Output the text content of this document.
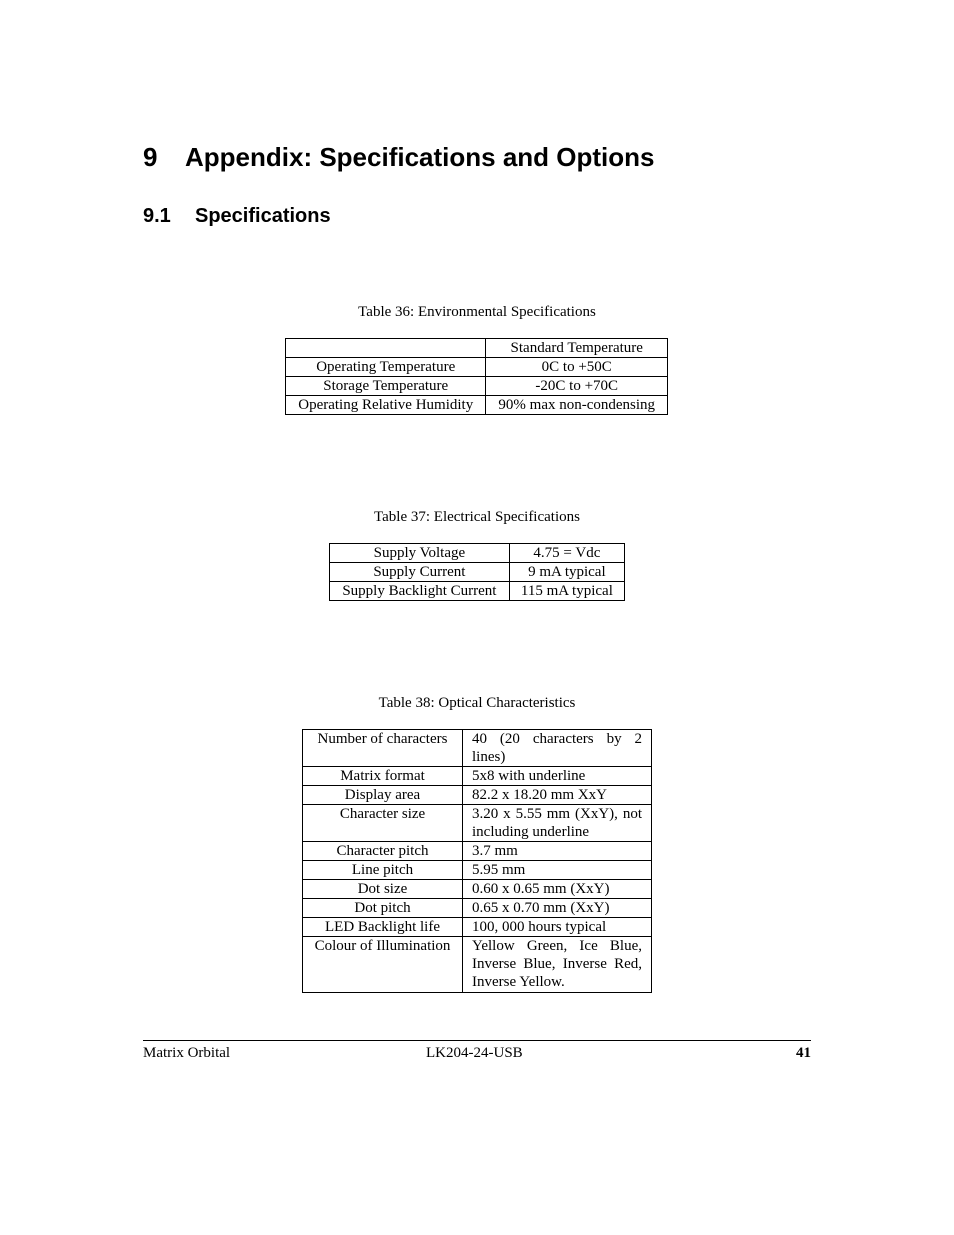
9 Appendix: Specifications and Options
9.1 Specifications

Table 36: Environmental Specifications

	Standard Temperature
Operating Temperature	0C to +50C
Storage Temperature	-20C to +70C
Operating Relative Humidity	90% max non-condensing

Table 37: Electrical Specifications

Supply Voltage	4.75 = Vdc
Supply Current	9 mA typical
Supply Backlight Current	115 mA typical

Table 38: Optical Characteristics

Number of characters	40 (20 characters by 2 lines)
Matrix format	5x8 with underline
Display area	82.2 x 18.20 mm XxY
Character size	3.20 x 5.55 mm (XxY), not including underline
Character pitch	3.7 mm
Line pitch	5.95 mm
Dot size	0.60 x 0.65 mm (XxY)
Dot pitch	0.65 x 0.70 mm (XxY)
LED Backlight life	100, 000 hours typical
Colour of Illumination	Yellow Green, Ice Blue, Inverse Blue, Inverse Red, Inverse Yellow.
Matrix Orbital	LK204-24-USB	41
